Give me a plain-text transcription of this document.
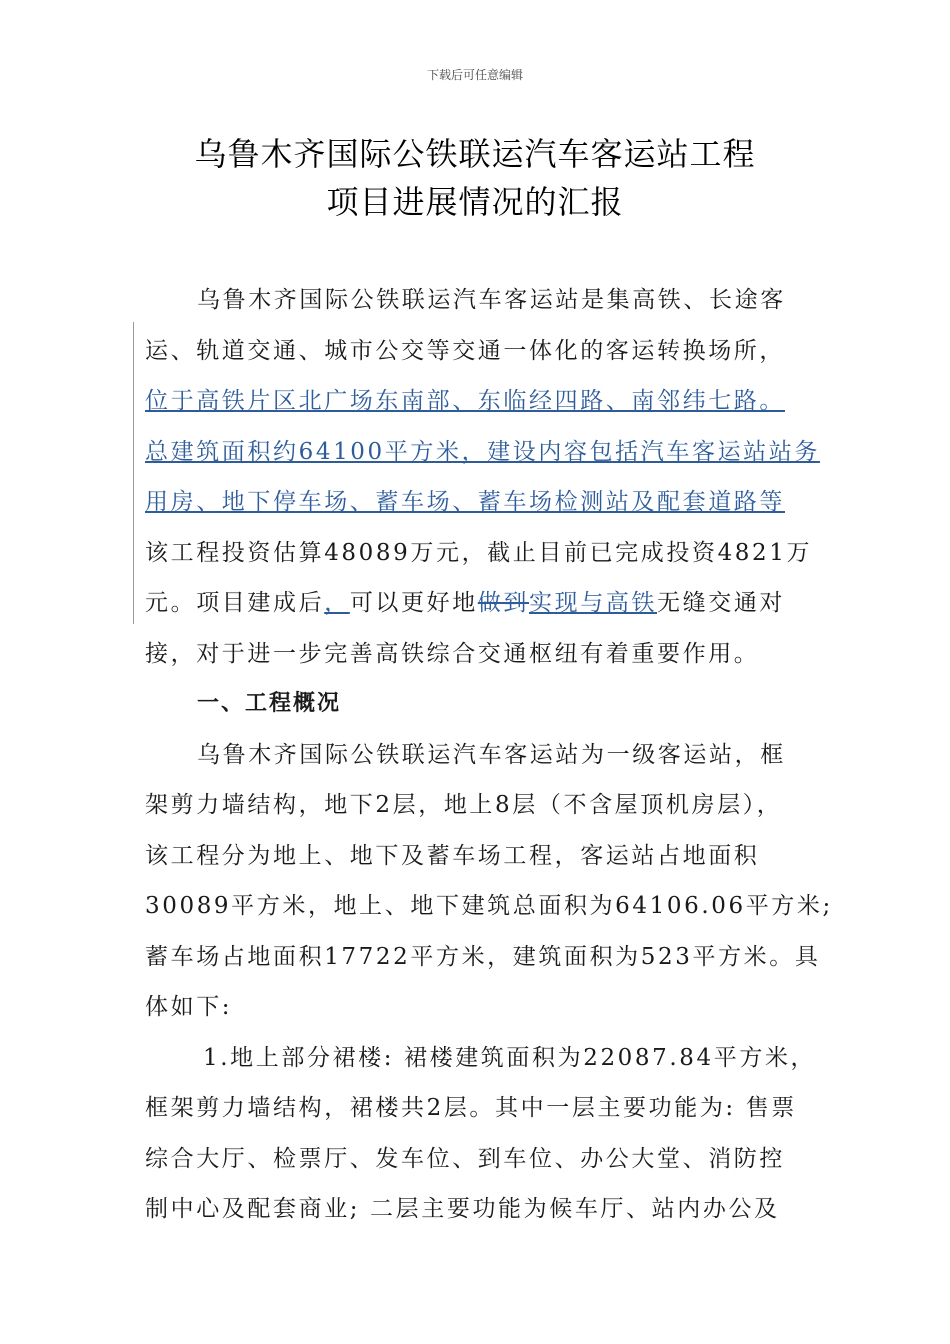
下载后可任意编辑
乌鲁木齐国际公铁联运汽车客运站工程
项目进展情况的汇报
乌鲁木齐国际公铁联运汽车客运站是集高铁、长途客
运、轨道交通、城市公交等交通一体化的客运转换场所，
位于高铁片区北广场东南部、东临经四路、南邻纬七路。
总建筑面积约64100平方米，建设内容包括汽车客运站站务
用房、地下停车场、蓄车场、蓄车场检测站及配套道路等
该工程投资估算48089万元，截止目前已完成投资4821万
元。项目建成后，可以更好地做到实现与高铁无缝交通对
接，对于进一步完善高铁综合交通枢纽有着重要作用。
一、工程概况
乌鲁木齐国际公铁联运汽车客运站为一级客运站，框
架剪力墙结构，地下2层，地上8层（不含屋顶机房层），
该工程分为地上、地下及蓄车场工程，客运站占地面积
30089平方米，地上、地下建筑总面积为64106.06平方米;
蓄车场占地面积17722平方米，建筑面积为523平方米。具
体如下:
1.地上部分裙楼: 裙楼建筑面积为22087.84平方米，
框架剪力墙结构，裙楼共2层。其中一层主要功能为: 售票
综合大厅、检票厅、发车位、到车位、办公大堂、消防控
制中心及配套商业; 二层主要功能为候车厅、站内办公及
